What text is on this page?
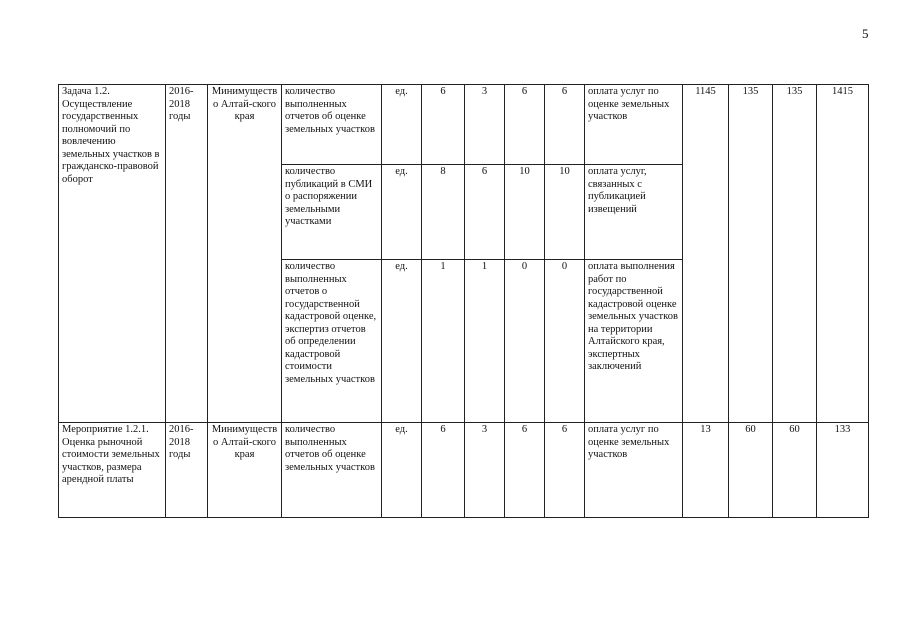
5
Задача 1.2. Осуществление государственных полномочий по вовлечению земельных участков в гражданско-правовой оборот	2016-2018 годы	Минимущество Алтай-ского края	количество выполненных отчетов об оценке земельных участков	ед.	6	3	6	6	оплата услуг по оценке земельных участков	1145	135	135	1415
			количество публикаций в СМИ о распоряжении земельными участками	ед.	8	6	10	10	оплата услуг, связанных с публикацией извещений				
			количество выполненных отчетов о государственной кадастровой оценке, экспертиз отчетов об определении кадастровой стоимости земельных участков	ед.	1	1	0	0	оплата выполнения работ по государственной кадастровой оценке земельных участков на территории Алтайского края, экспертных заключений				
Мероприятие 1.2.1. Оценка рыночной стоимости земельных участков, размера арендной платы	2016-2018 годы	Минимущество Алтай-ского края	количество выполненных отчетов об оценке земельных участков	ед.	6	3	6	6	оплата услуг по оценке земельных участков	13	60	60	133
